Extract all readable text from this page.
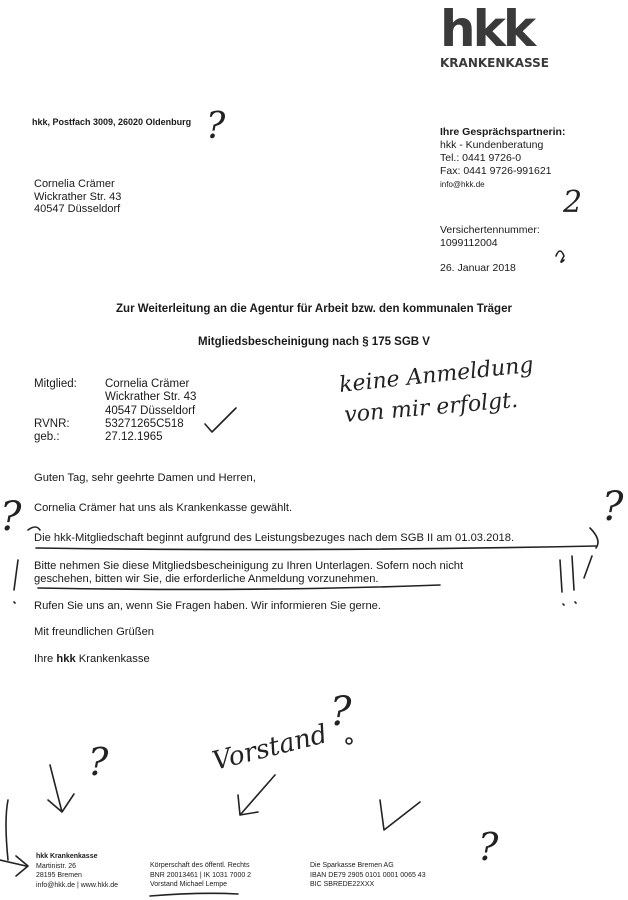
hkk
KRANKENKASSE
hkk, Postfach 3009, 26020 Oldenburg
Cornelia Crämer
Wickrather Str. 43
40547 Düsseldorf
Ihre Gesprächspartnerin:
hkk - Kundenberatung
Tel.: 0441 9726-0
Fax: 0441 9726-991621
info@hkk.de
Versichertennummer:
1099112004
26. Januar 2018
Zur Weiterleitung an die Agentur für Arbeit bzw. den kommunalen Träger
Mitgliedsbescheinigung nach § 175 SGB V
Mitglied: Cornelia Crämer
Wickrather Str. 43
40547 Düsseldorf
RVNR:	53271265C518
geb.:	27.12.1965
Guten Tag, sehr geehrte Damen und Herren,
Cornelia Crämer hat uns als Krankenkasse gewählt.
Die hkk-Mitgliedschaft beginnt aufgrund des Leistungsbezuges nach dem SGB II am 01.03.2018.
Bitte nehmen Sie diese Mitgliedsbescheinigung zu Ihren Unterlagen. Sofern noch nicht
geschehen, bitten wir Sie, die erforderliche Anmeldung vorzunehmen.
Rufen Sie uns an, wenn Sie Fragen haben. Wir informieren Sie gerne.
Mit freundlichen Grüßen
Ihre hkk Krankenkasse
hkk Krankenkasse
Martinistr. 26
28195 Bremen
info@hkk.de | www.hkk.de
Körperschaft des öffentl. Rechts
BNR 20013461 | IK 1031 7000 2
Vorstand Michael Lempe
Die Sparkasse Bremen AG
IBAN DE79 2905 0101 0001 0065 43
BIC SBREDE22XXX
?
?
?
?
?	?
2
keine Anmeldung
von mir erfolgt.
Vorstand
